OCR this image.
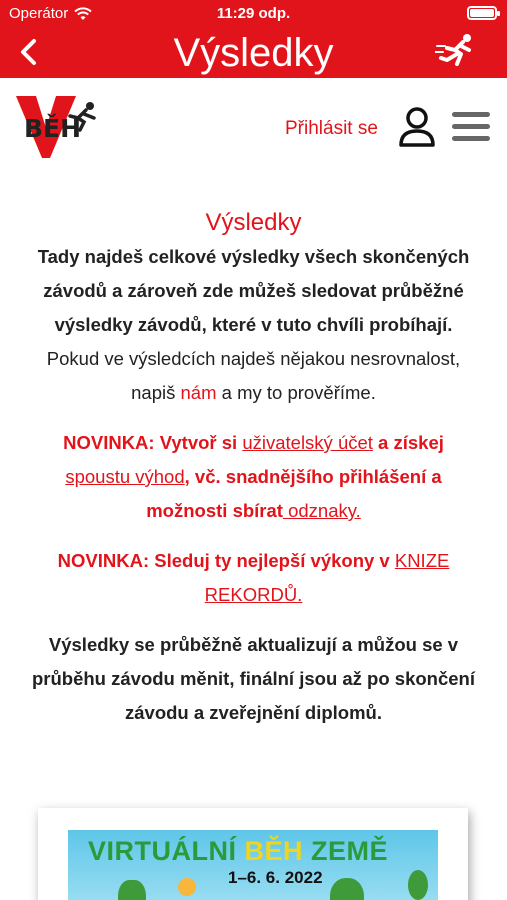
Operátor	11:29 odp.
Výsledky
BĚH	Přihlásit se
Výsledky

Tady najdeš celkové výsledky všech skončených závodů a zároveň zde můžeš sledovat průběžné výsledky závodů, které v tuto chvíli probíhají. Pokud ve výsledcích najdeš nějakou nesrovnalost, napiš nám a my to prověříme.

NOVINKA: Vytvoř si uživatelský účet a získej spoustu výhod, vč. snadnějšího přihlášení a možnosti sbírat odznaky.

NOVINKA: Sleduj ty nejlepší výkony v KNIZE REKORDŮ.

Výsledky se průběžně aktualizují a můžou se v průběhu závodu měnit, finální jsou až po skončení závodu a zveřejnění diplomů.

VIRTUÁLNÍ BĚH ZEMĚ
1–6. 6. 2022
